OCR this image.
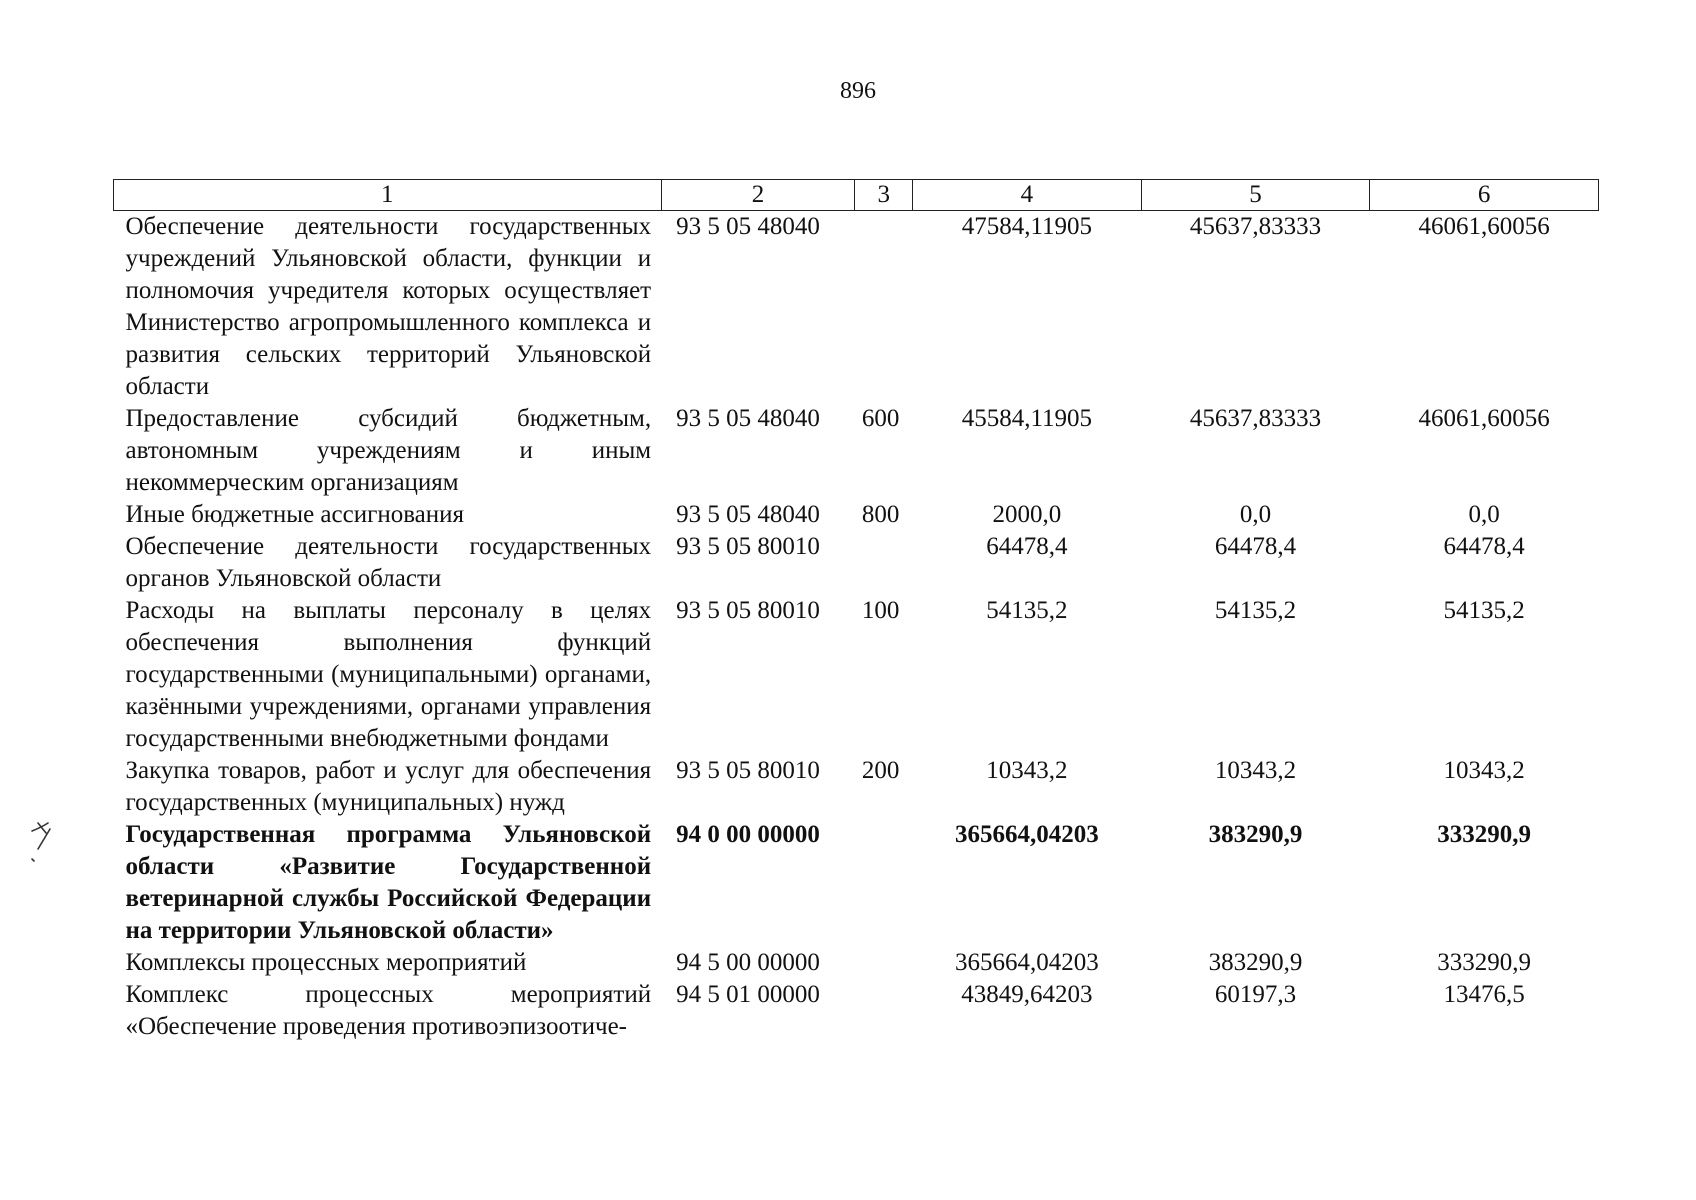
896
1	2	3	4	5	6
Обеспечение деятельности государственных учреждений Ульяновской области, функции и полномочия учредителя которых осуществляет Министерство агропромышленного комплекса и развития сельских территорий Ульяновской области	93 5 05 48040		47584,11905	45637,83333	46061,60056
Предоставление субсидий бюджетным, автономным учреждениям и иным некоммерческим организациям	93 5 05 48040	600	45584,11905	45637,83333	46061,60056
Иные бюджетные ассигнования	93 5 05 48040	800	2000,0	0,0	0,0
Обеспечение деятельности государственных органов Ульяновской области	93 5 05 80010		64478,4	64478,4	64478,4
Расходы на выплаты персоналу в целях обеспечения выполнения функций государственными (муниципальными) органами, казёнными учреждениями, органами управления государственными внебюджетными фондами	93 5 05 80010	100	54135,2	54135,2	54135,2
Закупка товаров, работ и услуг для обеспечения государственных (муниципальных) нужд	93 5 05 80010	200	10343,2	10343,2	10343,2
Государственная программа Ульяновской области «Развитие Государственной ветеринарной службы Российской Федерации на территории Ульяновской области»	94 0 00 00000		365664,04203	383290,9	333290,9
Комплексы процессных мероприятий	94 5 00 00000		365664,04203	383290,9	333290,9
Комплекс процессных мероприятий «Обеспечение проведения противоэпизоотиче-	94 5 01 00000		43849,64203	60197,3	13476,5
